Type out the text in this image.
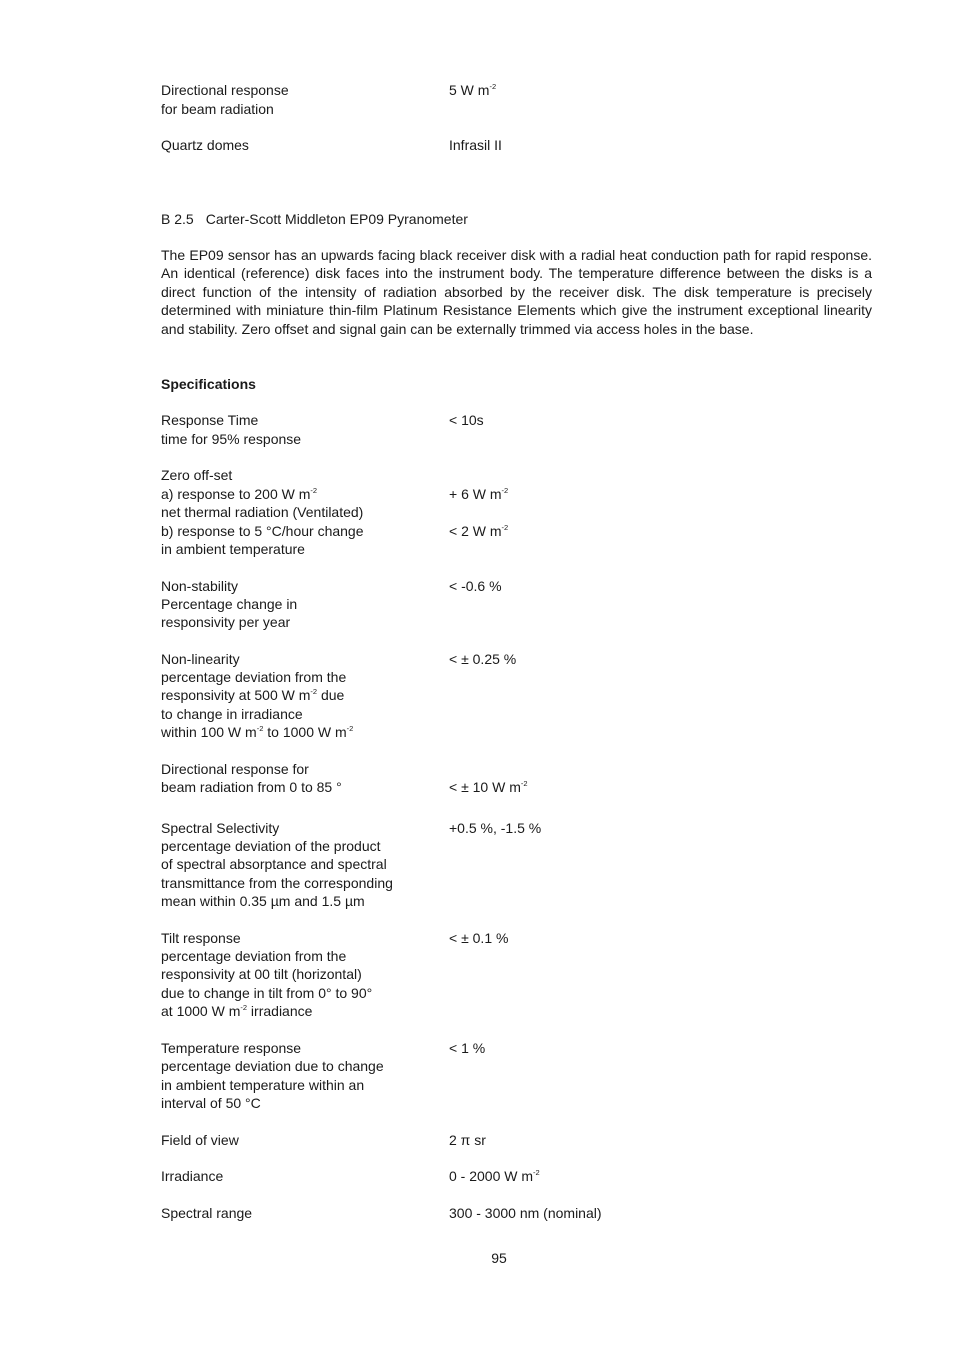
Directional response	5 W $m^{-2}$
for beam radiation
Quartz domes	Infrasil II
B 2.5 Carter-Scott Middleton EP09 Pyranometer
The EP09 sensor has an upwards facing black receiver disk with a radial heat conduction path for rapid response. An identical (reference) disk faces into the instrument body. The temperature difference between the disks is a direct function of the intensity of radiation absorbed by the receiver disk. The disk temperature is precisely determined with miniature thin-film Platinum Resistance Elements which give the instrument exceptional linearity and stability. Zero offset and signal gain can be externally trimmed via access holes in the base.
Specifications
Response Time	< 10s
time for 95% response
Zero off-set
a) response to 200 W $m^{-2}$	+ 6 W $m^{-2}$
net thermal radiation (Ventilated)
b) response to 5 °C/hour change	< 2 W $m^{-2}$
in ambient temperature
Non-stability	< -0.6 %
Percentage change in
responsivity per year
Non-linearity	< ± 0.25 %
percentage deviation from the
responsivity at 500 W $m^{-2}$ due
to change in irradiance
within 100 W $m^{-2}$ to 1000 W $m^{-2}$
Directional response for
beam radiation from 0 to 85 °	< ± 10 W $m^{-2}$
Spectral Selectivity	+0.5 %, -1.5 %
percentage deviation of the product
of spectral absorptance and spectral
transmittance from the corresponding
mean within 0.35 µm and 1.5 µm
Tilt response	< ± 0.1 %
percentage deviation from the
responsivity at 00 tilt (horizontal)
due to change in tilt from 0° to 90°
at 1000 W $m^{-2}$ irradiance
Temperature response	< 1 %
percentage deviation due to change
in ambient temperature within an
interval of 50 °C
Field of view	2 π sr
Irradiance	0 - 2000 W $m^{-2}$
Spectral range	300 - 3000 nm (nominal)
95
